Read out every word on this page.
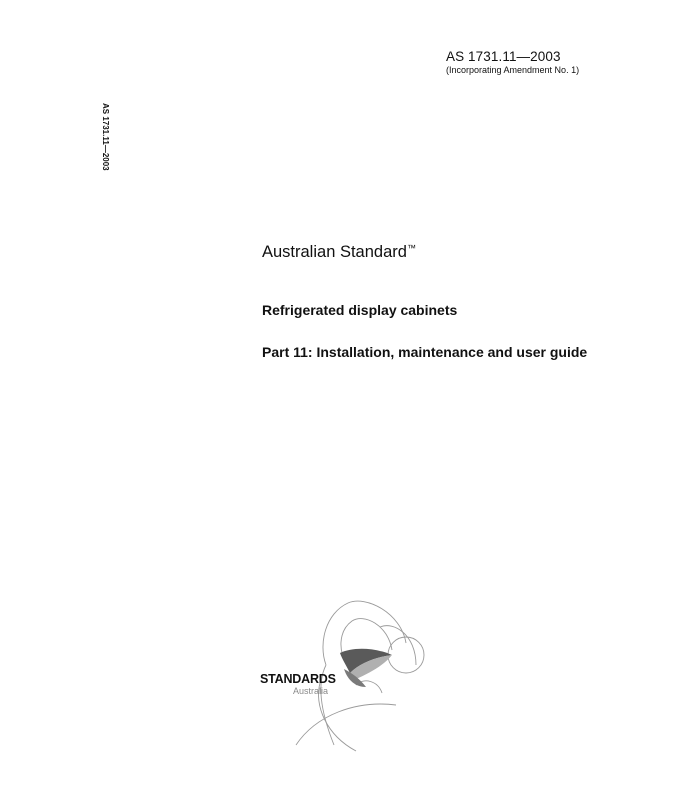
AS 1731.11—2003
(Incorporating Amendment No. 1)
AS 1731.11—2003
Australian Standard™
Refrigerated display cabinets
Part 11: Installation, maintenance and user guide
STANDARDS
Australia
